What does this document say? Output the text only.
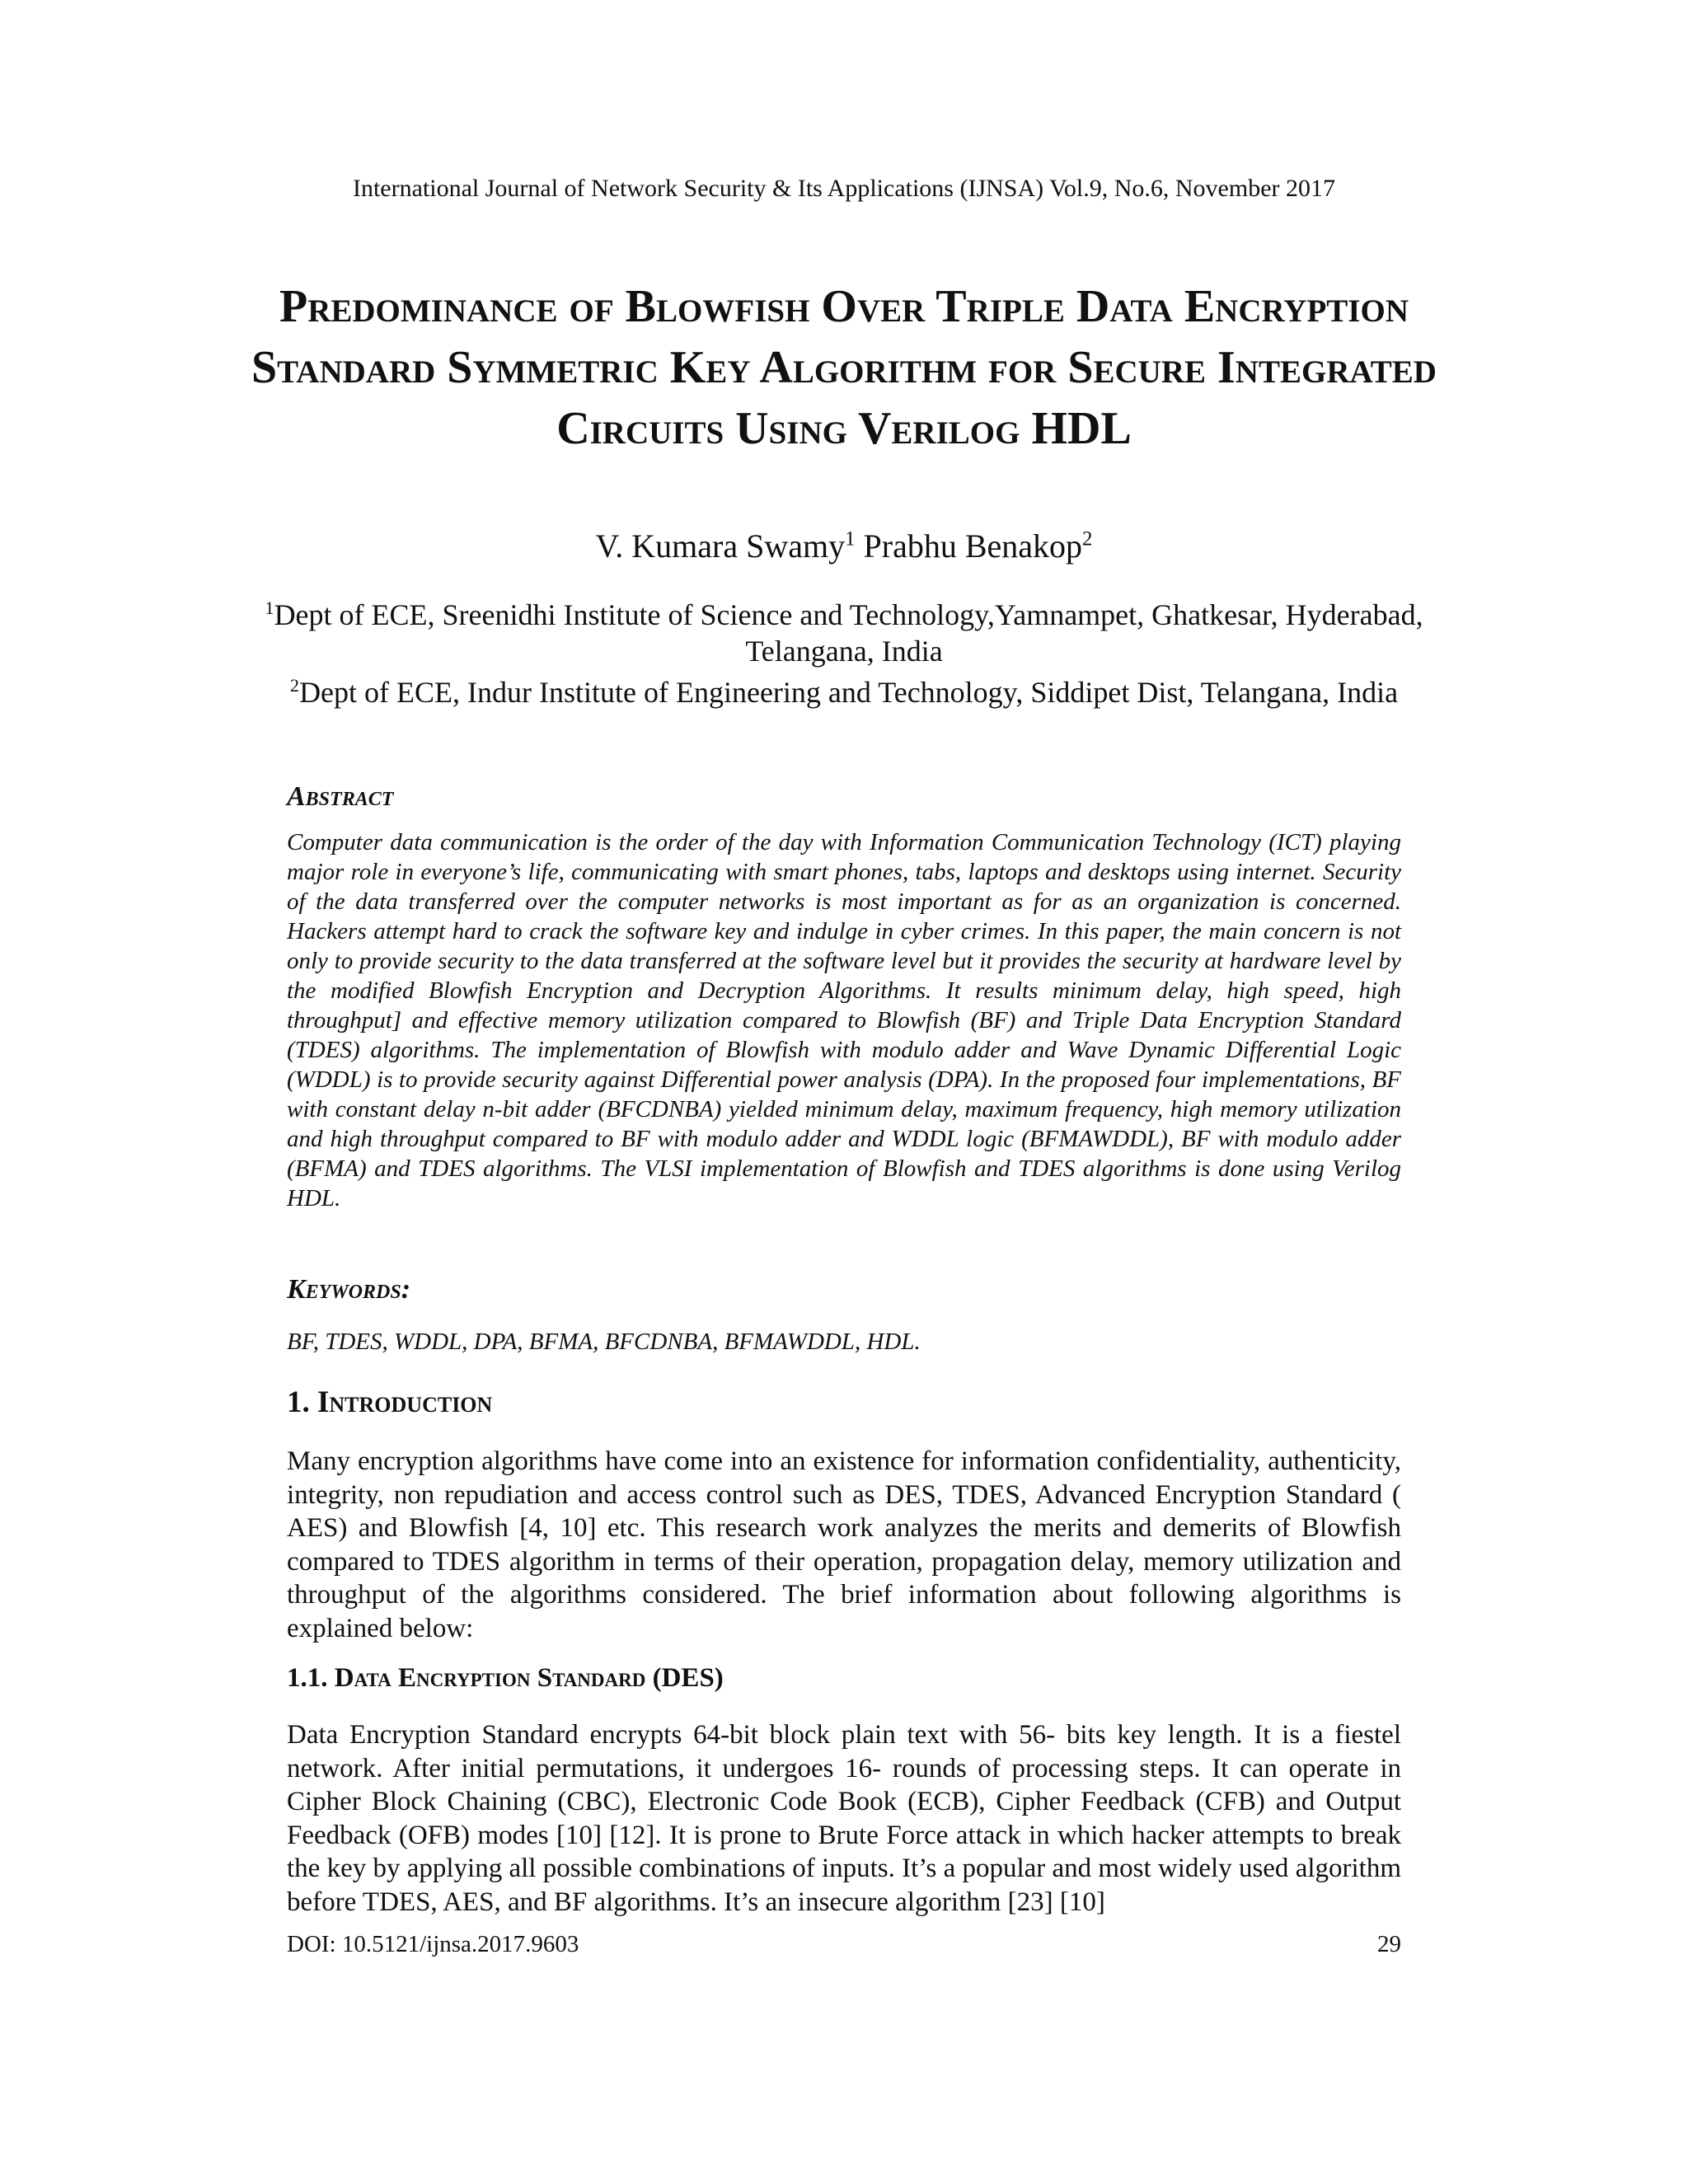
International Journal of Network Security & Its Applications (IJNSA) Vol.9, No.6, November 2017
Predominance of Blowfish Over Triple Data Encryption Standard Symmetric Key Algorithm for Secure Integrated Circuits Using Verilog HDL
V. Kumara Swamy$^1$ Prabhu Benakop$^2$
$^1$Dept of ECE, Sreenidhi Institute of Science and Technology,Yamnampet, Ghatkesar, Hyderabad, Telangana, India
$^2$Dept of ECE, Indur Institute of Engineering and Technology, Siddipet Dist, Telangana, India
Abstract
Computer data communication is the order of the day with Information Communication Technology (ICT) playing major role in everyone’s life, communicating with smart phones, tabs, laptops and desktops using internet. Security of the data transferred over the computer networks is most important as for as an organization is concerned. Hackers attempt hard to crack the software key and indulge in cyber crimes. In this paper, the main concern is not only to provide security to the data transferred at the software level but it provides the security at hardware level by the modified Blowfish Encryption and Decryption Algorithms. It results minimum delay, high speed, high throughput] and effective memory utilization compared to Blowfish (BF) and Triple Data Encryption Standard (TDES) algorithms. The implementation of Blowfish with modulo adder and Wave Dynamic Differential Logic (WDDL) is to provide security against Differential power analysis (DPA). In the proposed four implementations, BF with constant delay n-bit adder (BFCDNBA) yielded minimum delay, maximum frequency, high memory utilization and high throughput compared to BF with modulo adder and WDDL logic (BFMAWDDL), BF with modulo adder (BFMA) and TDES algorithms. The VLSI implementation of Blowfish and TDES algorithms is done using Verilog HDL.
Keywords:
BF, TDES, WDDL, DPA, BFMA, BFCDNBA, BFMAWDDL, HDL.
1. Introduction
Many encryption algorithms have come into an existence for information confidentiality, authenticity, integrity, non repudiation and access control such as DES, TDES, Advanced Encryption Standard ( AES) and Blowfish [4, 10] etc. This research work analyzes the merits and demerits of Blowfish compared to TDES algorithm in terms of their operation, propagation delay, memory utilization and throughput of the algorithms considered. The brief information about following algorithms is explained below:
1.1. Data Encryption Standard (DES)
Data Encryption Standard encrypts 64-bit block plain text with 56- bits key length. It is a fiestel network. After initial permutations, it undergoes 16- rounds of processing steps. It can operate in Cipher Block Chaining (CBC), Electronic Code Book (ECB), Cipher Feedback (CFB) and Output Feedback (OFB) modes [10] [12]. It is prone to Brute Force attack in which hacker attempts to break the key by applying all possible combinations of inputs. It’s a popular and most widely used algorithm before TDES, AES, and BF algorithms. It’s an insecure algorithm [23] [10]
DOI: 10.5121/ijnsa.2017.9603	29
